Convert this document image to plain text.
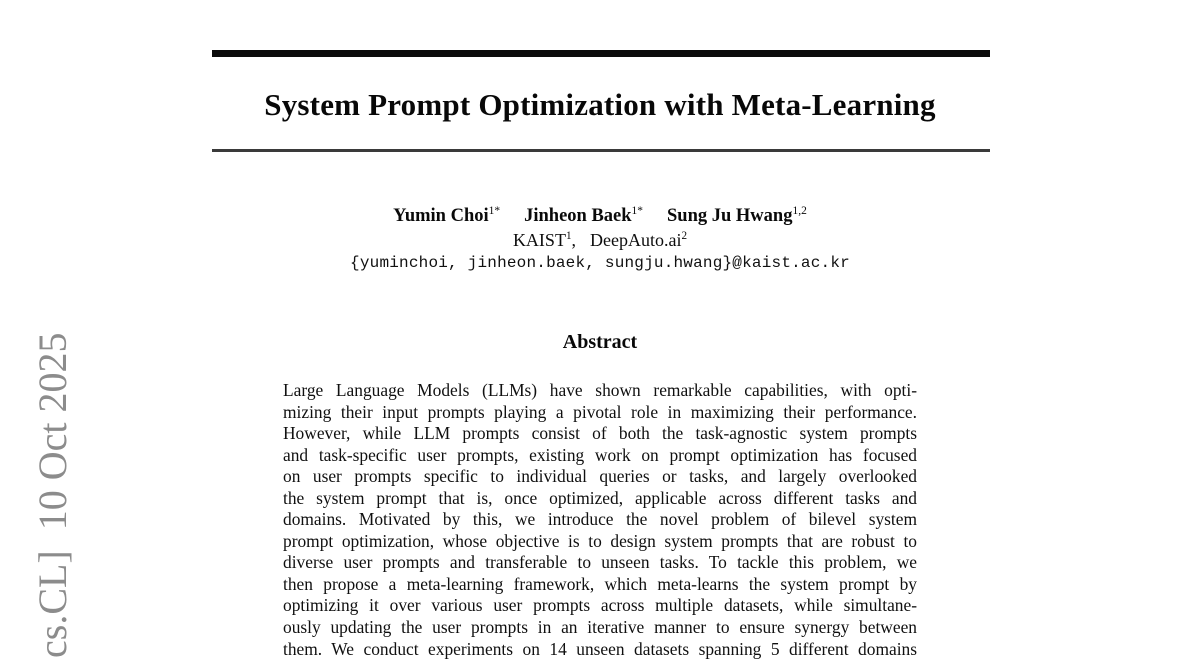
cs.CL]  10 Oct 2025
System Prompt Optimization with Meta-Learning
Yumin Choi$^{1*}$ Jinheon Baek$^{1*}$ Sung Ju Hwang$^{1,2}$
KAIST$^1$, $DeepAuto.ai^2$
{yuminchoi, jinheon.baek, sungju.hwang}@kaist.ac.kr
Abstract
Large Language Models (LLMs) have shown remarkable capabilities, with opti-
mizing their input prompts playing a pivotal role in maximizing their performance.
However, while LLM prompts consist of both the task-agnostic system prompts
and task-specific user prompts, existing work on prompt optimization has focused
on user prompts specific to individual queries or tasks, and largely overlooked
the system prompt that is, once optimized, applicable across different tasks and
domains. Motivated by this, we introduce the novel problem of bilevel system
prompt optimization, whose objective is to design system prompts that are robust to
diverse user prompts and transferable to unseen tasks. To tackle this problem, we
then propose a meta-learning framework, which meta-learns the system prompt by
optimizing it over various user prompts across multiple datasets, while simultane-
ously updating the user prompts in an iterative manner to ensure synergy between
them. We conduct experiments on 14 unseen datasets spanning 5 different domains
